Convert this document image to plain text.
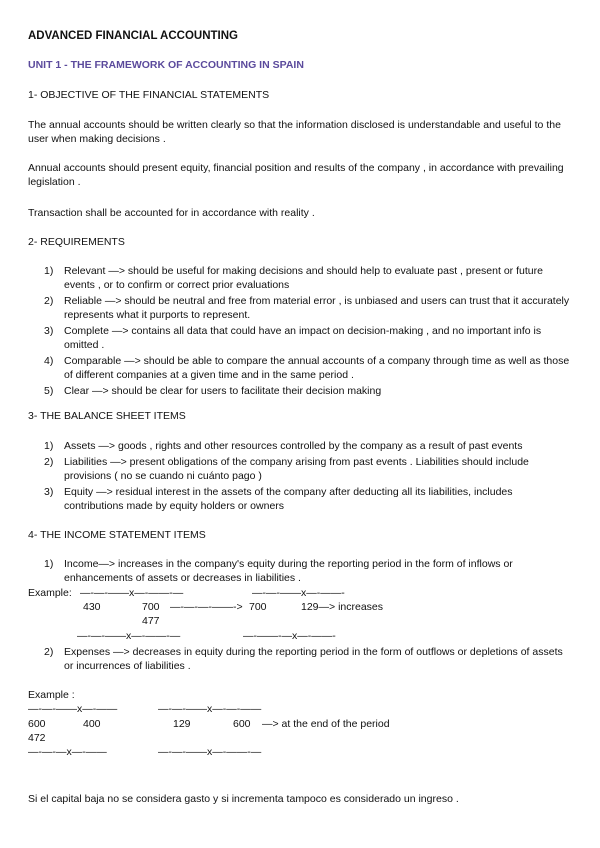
ADVANCED FINANCIAL ACCOUNTING
UNIT 1 - THE FRAMEWORK OF ACCOUNTING IN SPAIN
1- OBJECTIVE OF THE FINANCIAL STATEMENTS
The annual accounts should be written clearly so that the information disclosed is understandable and useful to the user when making decisions .
Annual accounts should present equity, financial position and results of the company , in accordance with prevailing legislation .
Transaction shall be accounted for in accordance with reality .
2- REQUIREMENTS
1) Relevant —> should be useful for making decisions and should help to evaluate past , present or future events , or to confirm or correct prior evaluations
2) Reliable —> should be neutral and free from material error , is unbiased and users can trust that it accurately represents what it purports to represent.
3) Complete —> contains all data that could have an impact on decision-making , and no important info is omitted .
4) Comparable —> should be able to compare the annual accounts of a company through time as well as those of different companies at a given time and in the same period .
5) Clear —> should be clear for users to facilitate their decision making
3- THE BALANCE SHEET ITEMS
1) Assets —> goods , rights and other resources controlled by the company as a result of past events
2) Liabilities —> present obligations of the company arising from past events . Liabilities should include provisions ( no se cuando ni cuánto pago )
3) Equity —> residual interest in the assets of the company after deducting all its liabilities, includes contributions made by equity holders or owners
4- THE INCOME STATEMENT ITEMS
1) Income—> increases in the company's equity during the reporting period in the form of inflows or enhancements of assets or decreases in liabilities .
Example: —-—-——x—-——-—	—-—-——x—-——-
430	700 —-—-—-——-> 700	129—> increases
477
—-—-——x—-——-—	—-——-—x—-——-
2) Expenses —> decreases in equity during the reporting period in the form of outflows or depletions of assets or incurrences of liabilities .
Example :
—-—-——x—-——	—-—-——x—-—-——
600	400	129	600 —> at the end of the period
472
—-—-—x—-——	—-—-——x—-——-—
Si el capital baja no se considera gasto y si incrementa tampoco es considerado un ingreso .
